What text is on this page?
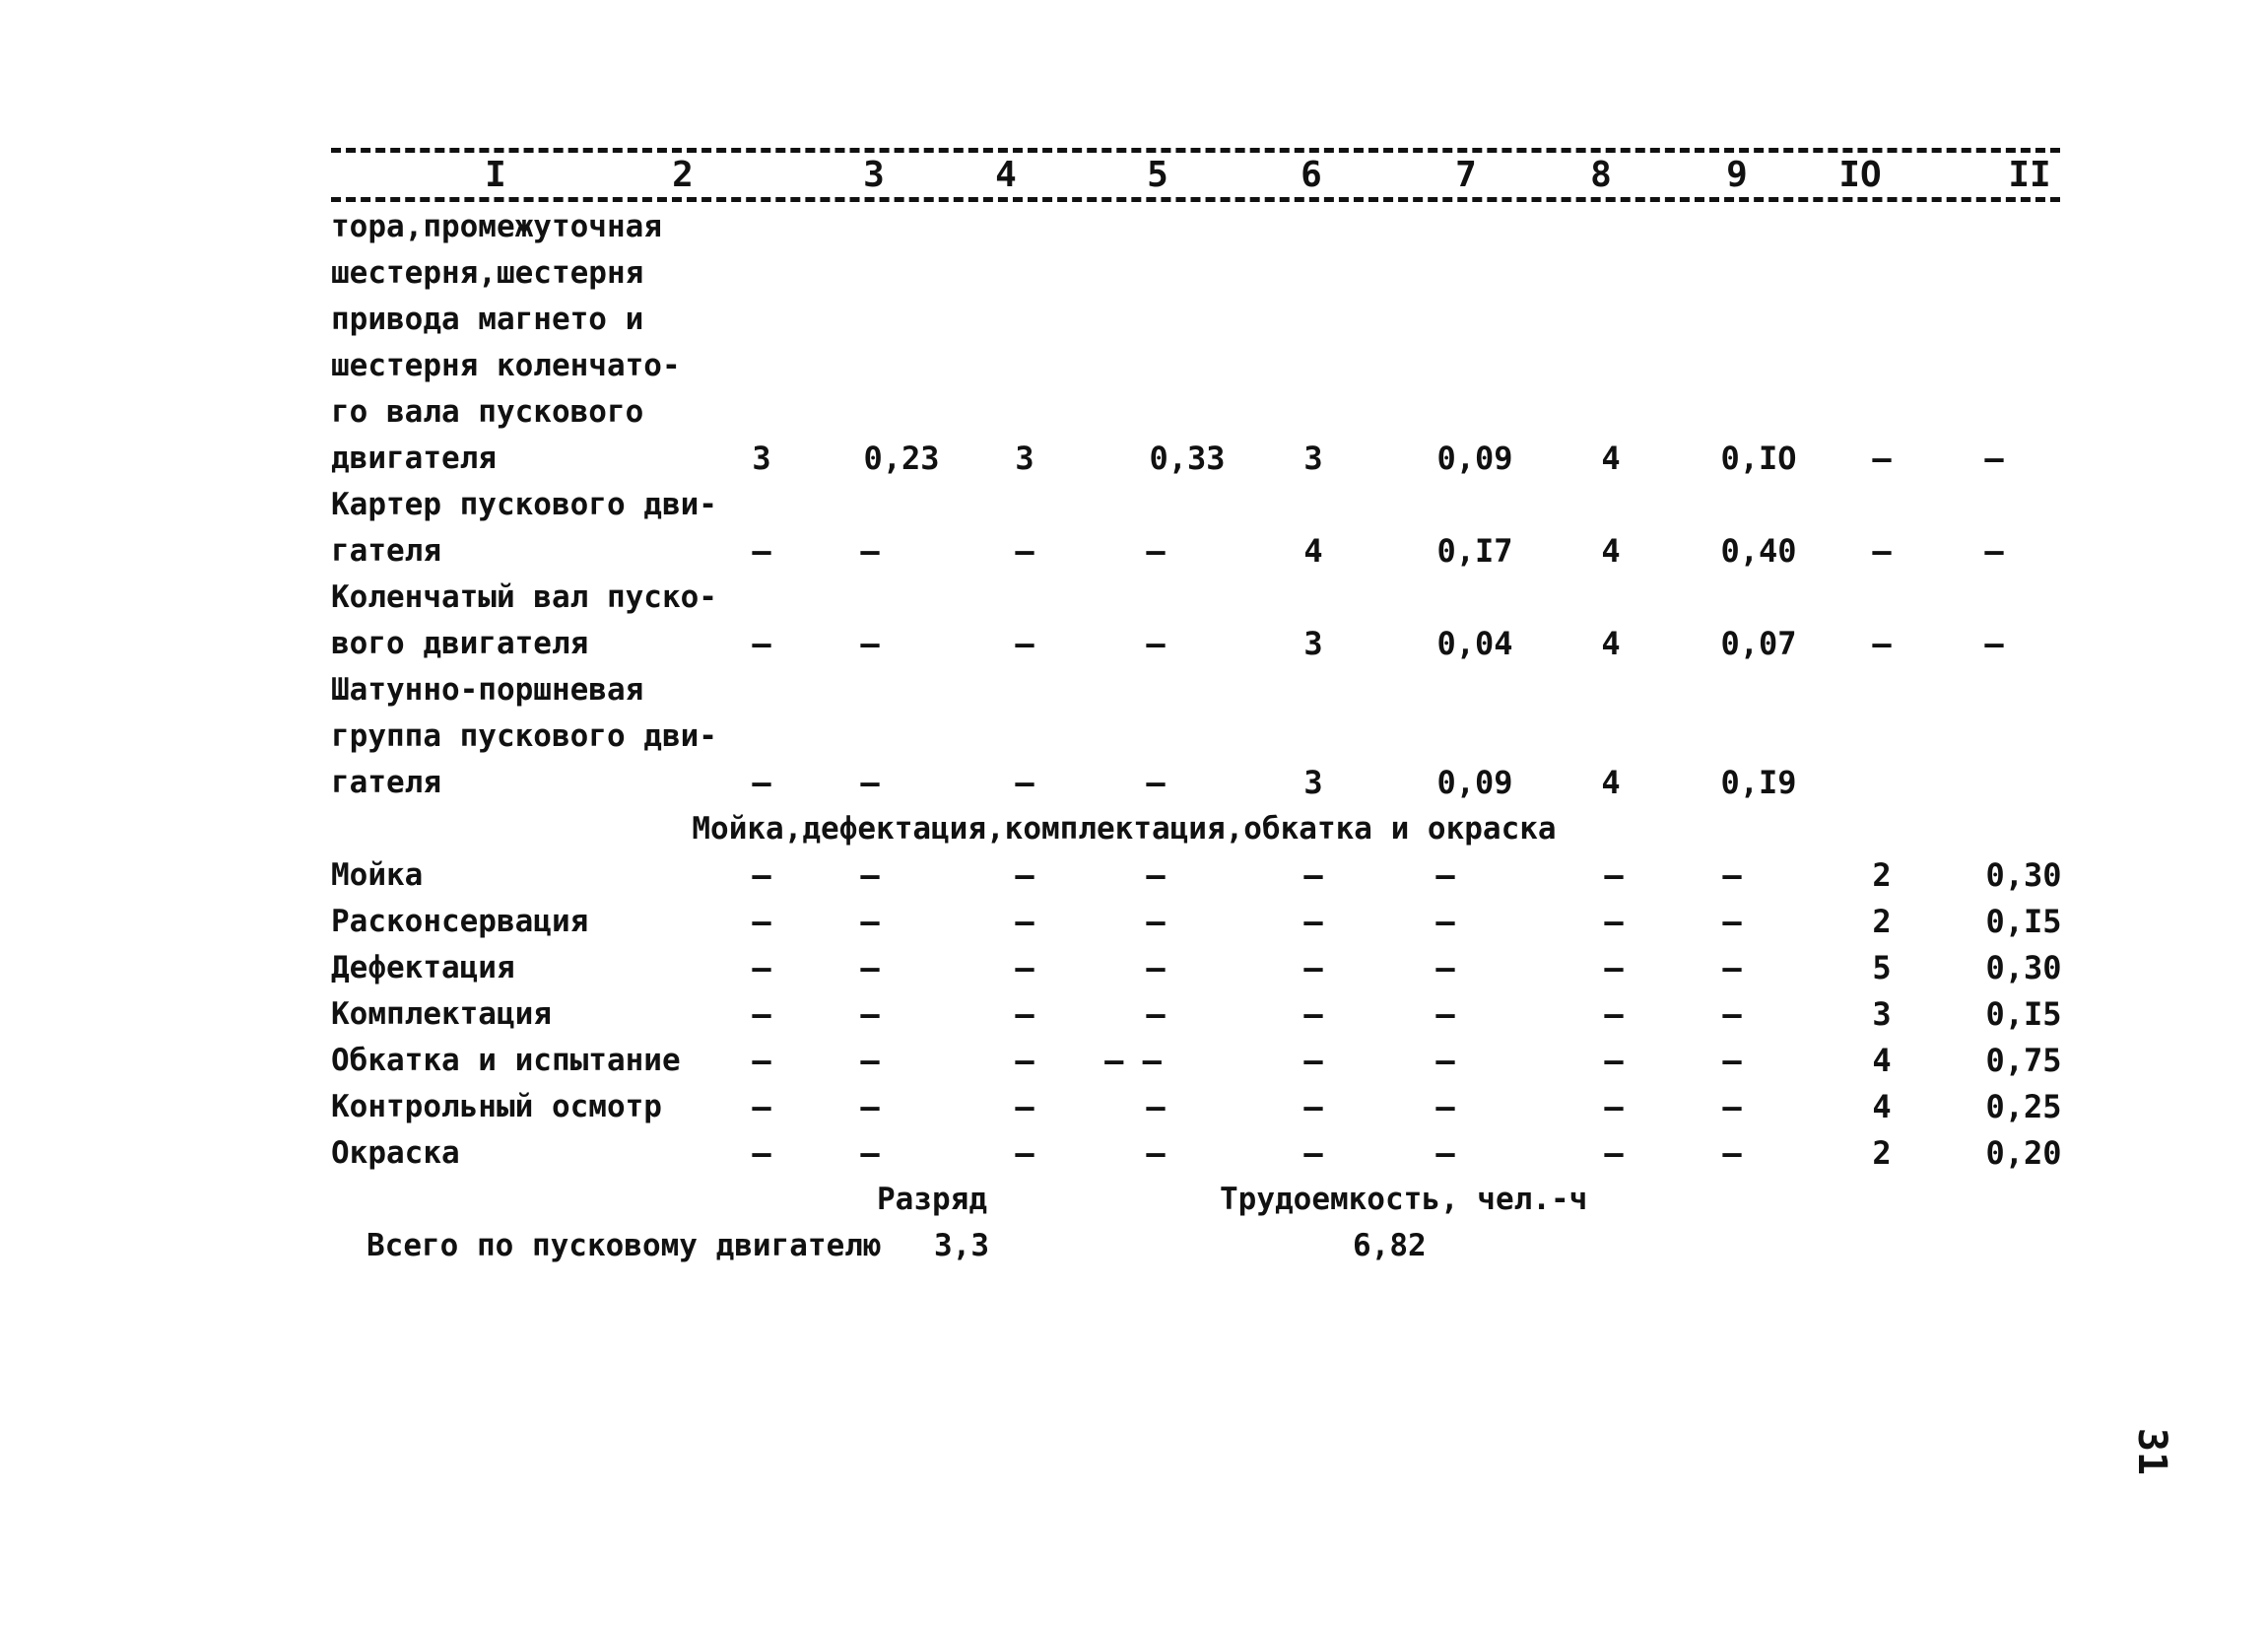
I	2	3	4	5	6	7	8	9	IO	II
тора,промежуточная
шестерня,шестерня
привода магнето и
шестерня коленчато-
го вала пускового
двигателя	3	0,23	3	0,33	3	0,09	4	0,IO	–	–
Картер пускового дви-
гателя	–	–	–	–	4	0,I7	4	0,40	–	–
Коленчатый вал пуско-
вого двигателя	–	–	–	–	3	0,04	4	0,07	–	–
Шатунно-поршневая
группа пускового дви-
гателя	–	–	–	–	3	0,09	4	0,I9
Мойка,дефектация,комплектация,обкатка и окраска
Мойка	–	–	–	–	–	–	–	–	2	0,30
Расконсервация	–	–	–	–	–	–	–	–	2	0,I5
Дефектация	–	–	–	–	–	–	–	–	5	0,30
Комплектация	–	–	–	–	–	–	–	–	3	0,I5
Обкатка и испытание	–	–	–	– –	–	–	–	–	4	0,75
Контрольный осмотр	–	–	–	–	–	–	–	–	4	0,25
Окраска	–	–	–	–	–	–	–	–	2	0,20
Разряд	Трудоемкость, чел.-ч
Всего по пусковому двигателю 3,3	6,82
31
